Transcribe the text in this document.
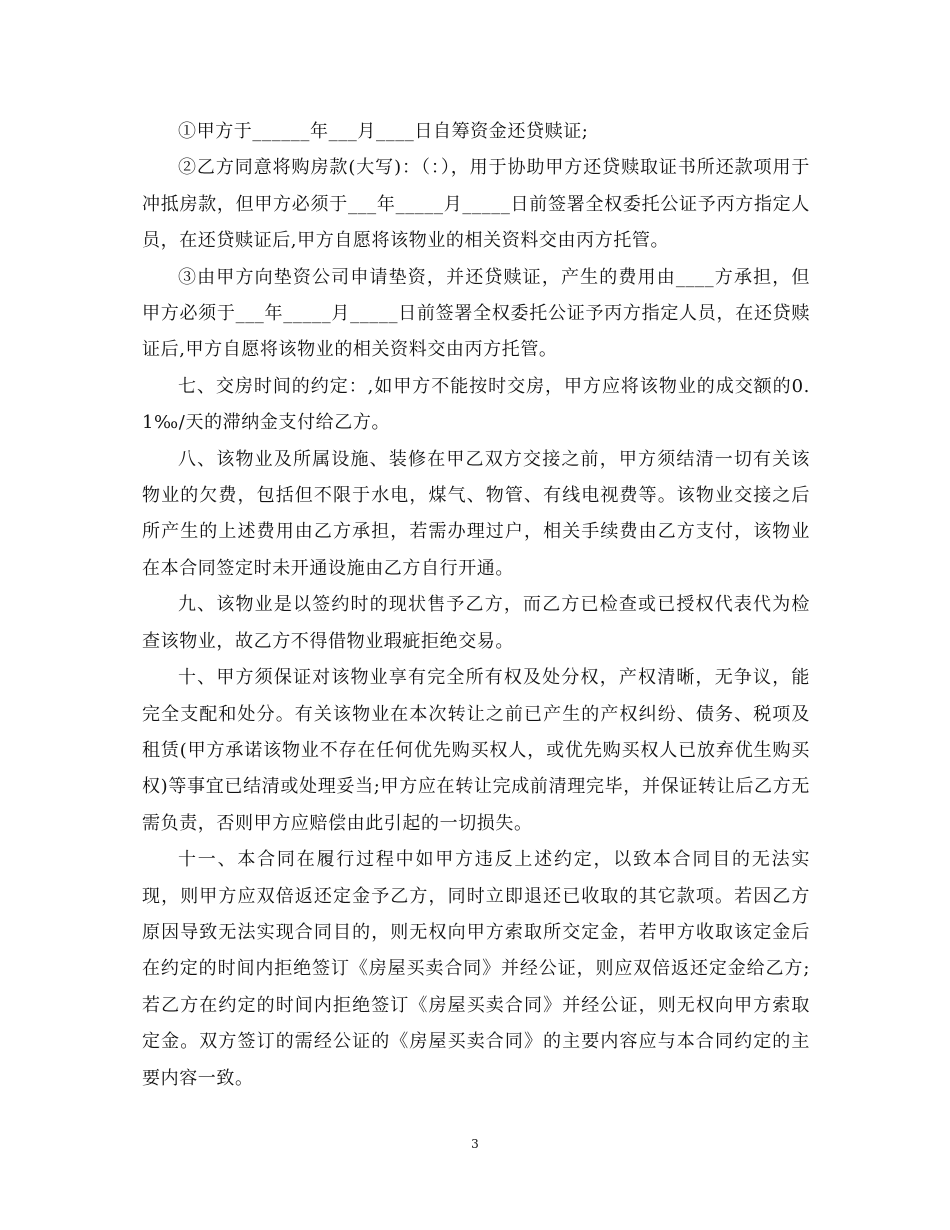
①甲方于______年___月____日自筹资金还贷赎证;

②乙方同意将购房款(大写)：（：），用于协助甲方还贷赎取证书所还款项用于冲抵房款，但甲方必须于___年_____月_____日前签署全权委托公证予丙方指定人员，在还贷赎证后,甲方自愿将该物业的相关资料交由丙方托管。

③由甲方向垫资公司申请垫资，并还贷赎证，产生的费用由____方承担，但甲方必须于___年_____月_____日前签署全权委托公证予丙方指定人员，在还贷赎证后,甲方自愿将该物业的相关资料交由丙方托管。

七、交房时间的约定：,如甲方不能按时交房，甲方应将该物业的成交额的0.1‰/天的滞纳金支付给乙方。

八、该物业及所属设施、装修在甲乙双方交接之前，甲方须结清一切有关该物业的欠费，包括但不限于水电，煤气、物管、有线电视费等。该物业交接之后所产生的上述费用由乙方承担，若需办理过户，相关手续费由乙方支付，该物业在本合同签定时未开通设施由乙方自行开通。

九、该物业是以签约时的现状售予乙方，而乙方已检查或已授权代表代为检查该物业，故乙方不得借物业瑕疵拒绝交易。

十、甲方须保证对该物业享有完全所有权及处分权，产权清晰，无争议，能完全支配和处分。有关该物业在本次转让之前已产生的产权纠纷、债务、税项及租赁(甲方承诺该物业不存在任何优先购买权人，或优先购买权人已放弃优生购买权)等事宜已结清或处理妥当;甲方应在转让完成前清理完毕，并保证转让后乙方无需负责，否则甲方应赔偿由此引起的一切损失。

十一、本合同在履行过程中如甲方违反上述约定，以致本合同目的无法实现，则甲方应双倍返还定金予乙方，同时立即退还已收取的其它款项。若因乙方原因导致无法实现合同目的，则无权向甲方索取所交定金，若甲方收取该定金后在约定的时间内拒绝签订《房屋买卖合同》并经公证，则应双倍返还定金给乙方;若乙方在约定的时间内拒绝签订《房屋买卖合同》并经公证，则无权向甲方索取定金。双方签订的需经公证的《房屋买卖合同》的主要内容应与本合同约定的主要内容一致。

3
